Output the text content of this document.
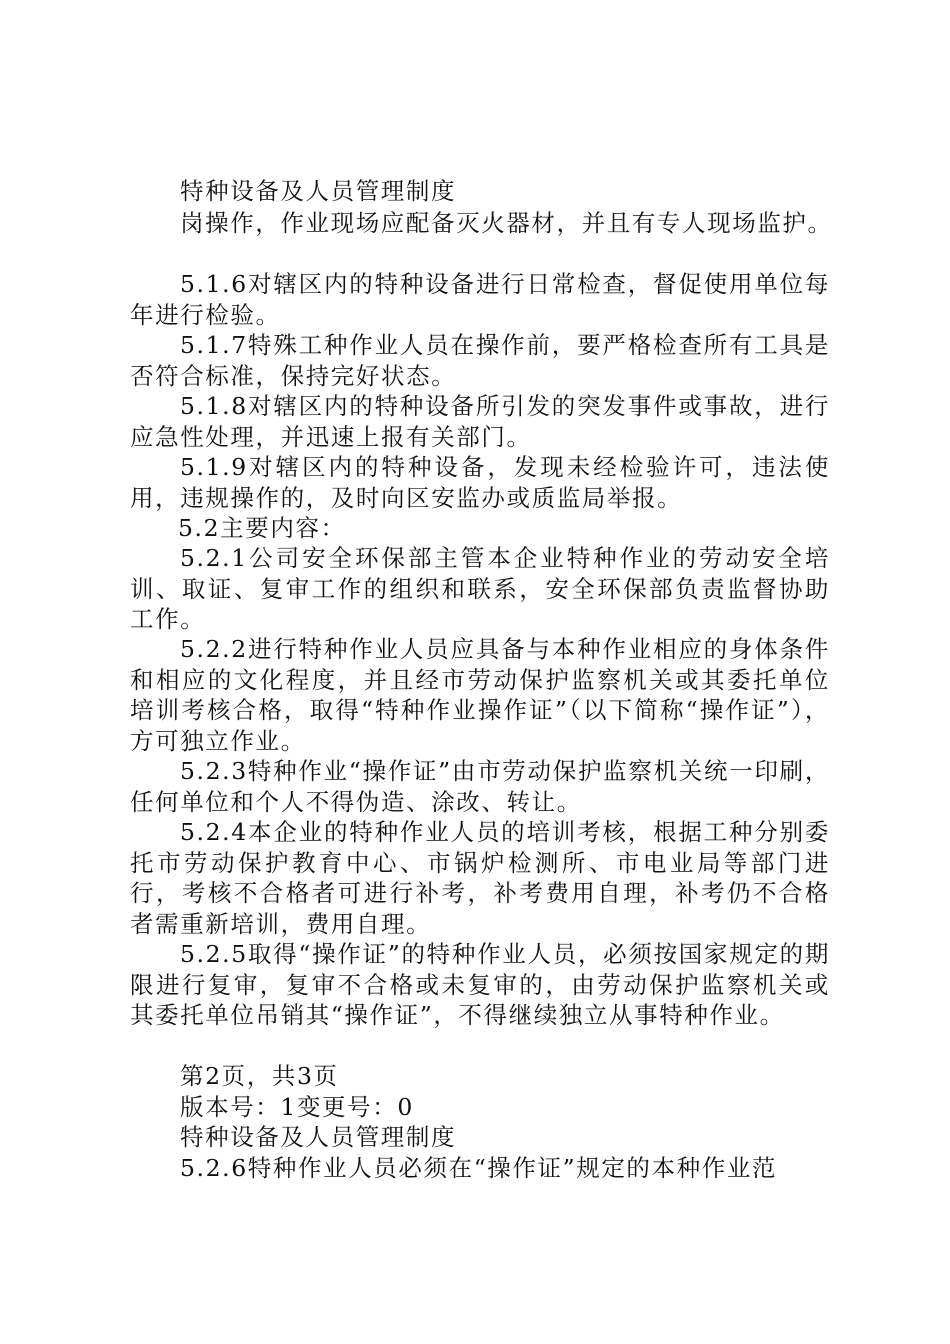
特种设备及人员管理制度
岗操作，作业现场应配备灭火器材，并且有专人现场监护。
5.1.6对辖区内的特种设备进行日常检查，督促使用单位每年进行检验。
5.1.7特殊工种作业人员在操作前，要严格检查所有工具是否符合标准，保持完好状态。
5.1.8对辖区内的特种设备所引发的突发事件或事故，进行应急性处理，并迅速上报有关部门。
5.1.9对辖区内的特种设备，发现未经检验许可，违法使用，违规操作的，及时向区安监办或质监局举报。
5.2主要内容：
5.2.1公司安全环保部主管本企业特种作业的劳动安全培训、取证、复审工作的组织和联系，安全环保部负责监督协助工作。
5.2.2进行特种作业人员应具备与本种作业相应的身体条件和相应的文化程度，并且经市劳动保护监察机关或其委托单位培训考核合格，取得“特种作业操作证”（以下简称“操作证”），方可独立作业。
5.2.3特种作业“操作证”由市劳动保护监察机关统一印刷，任何单位和个人不得伪造、涂改、转让。
5.2.4本企业的特种作业人员的培训考核，根据工种分别委托市劳动保护教育中心、市锅炉检测所、市电业局等部门进行，考核不合格者可进行补考，补考费用自理，补考仍不合格者需重新培训，费用自理。
5.2.5取得“操作证”的特种作业人员，必须按国家规定的期限进行复审，复审不合格或未复审的，由劳动保护监察机关或其委托单位吊销其“操作证”，不得继续独立从事特种作业。
第2页，共3页
版本号：1变更号：0
特种设备及人员管理制度
5.2.6特种作业人员必须在“操作证”规定的本种作业范
